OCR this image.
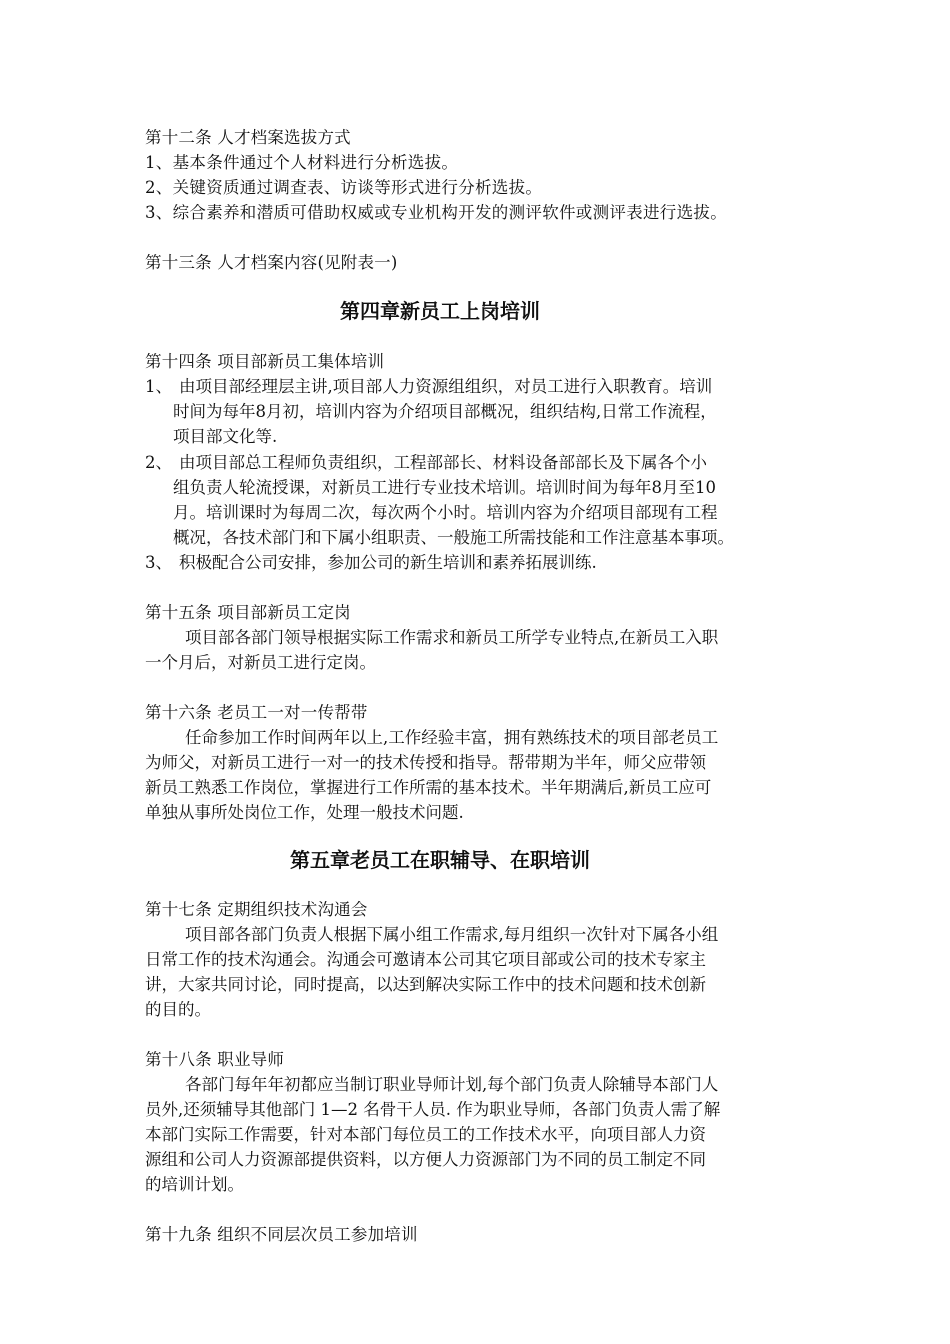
第十二条 人才档案选拔方式
1、基本条件通过个人材料进行分析选拔。
2、关键资质通过调查表、访谈等形式进行分析选拔。
3、综合素养和潜质可借助权威或专业机构开发的测评软件或测评表进行选拔。
第十三条 人才档案内容(见附表一)
第四章新员工上岗培训
第十四条 项目部新员工集体培训
1、 由项目部经理层主讲,项目部人力资源组组织，对员工进行入职教育。培训
时间为每年8月初，培训内容为介绍项目部概况，组织结构,日常工作流程，
项目部文化等.
2、 由项目部总工程师负责组织，工程部部长、材料设备部部长及下属各个小
组负责人轮流授课，对新员工进行专业技术培训。培训时间为每年8月至10
月。培训课时为每周二次，每次两个小时。培训内容为介绍项目部现有工程
概况，各技术部门和下属小组职责、一般施工所需技能和工作注意基本事项。
3、 积极配合公司安排，参加公司的新生培训和素养拓展训练.
第十五条 项目部新员工定岗
项目部各部门领导根据实际工作需求和新员工所学专业特点,在新员工入职
一个月后，对新员工进行定岗。
第十六条 老员工一对一传帮带
任命参加工作时间两年以上,工作经验丰富，拥有熟练技术的项目部老员工
为师父，对新员工进行一对一的技术传授和指导。帮带期为半年，师父应带领
新员工熟悉工作岗位，掌握进行工作所需的基本技术。半年期满后,新员工应可
单独从事所处岗位工作，处理一般技术问题.
第五章老员工在职辅导、在职培训
第十七条 定期组织技术沟通会
项目部各部门负责人根据下属小组工作需求,每月组织一次针对下属各小组
日常工作的技术沟通会。沟通会可邀请本公司其它项目部或公司的技术专家主
讲，大家共同讨论，同时提高，以达到解决实际工作中的技术问题和技术创新
的目的。
第十八条 职业导师
各部门每年年初都应当制订职业导师计划,每个部门负责人除辅导本部门人
员外,还须辅导其他部门 1—2 名骨干人员. 作为职业导师，各部门负责人需了解
本部门实际工作需要，针对本部门每位员工的工作技术水平，向项目部人力资
源组和公司人力资源部提供资料，以方便人力资源部门为不同的员工制定不同
的培训计划。
第十九条 组织不同层次员工参加培训
